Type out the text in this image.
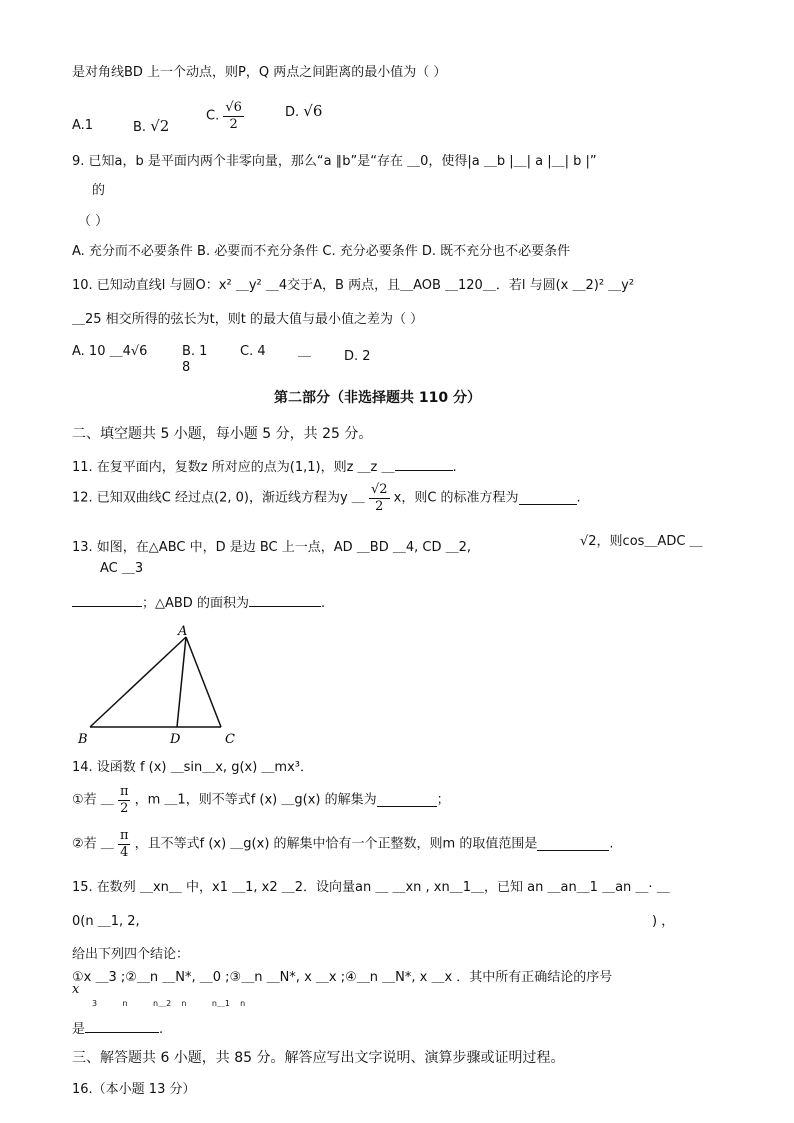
是对角线BD 上一个动点，则P，Q 两点之间距离的最小值为（ ）
A.1	B. √2
C. $\frac{√6}{2}$	D. √6
9. 已知a，b 是平面内两个非零向量，那么“a ∥b”是“存在 ＿0，使得|a ＿b |＿| a |＿| b |”
的
（ ）
A. 充分而不必要条件 B. 必要而不充分条件 C. 充分必要条件 D. 既不充分也不必要条件
10. 已知动直线l 与圆O：x² ＿y² ＿4交于A，B 两点，且＿AOB ＿120＿．若l 与圆(x ＿2)² ＿y²
＿25 相交所得的弦长为t，则t 的最大值与最小值之差为（ ）
A. 10 ＿4√6	B. 1
8
C. 4 ＿	D. 2
第二部分（非选择题共 110 分）
二、填空题共 5 小题，每小题 5 分，共 25 分。
11. 在复平面内，复数z 所对应的点为(1,1)，则z ＿z ＿	.
12. 已知双曲线C 经过点(2, 0)，渐近线方程为y ＿ $\frac{√2}{2}$ x，则C 的标准方程为	.
13. 如图，在△ABC 中，D 是边 BC 上一点，AD ＿BD ＿4, CD ＿2,	√2，则cos＿ADC ＿
AC ＿3
；△ABD 的面积为	.
A
B	D	C
14. 设函数 f (x) ＿sin＿x, g(x) ＿mx³．
①若 ＿ $\frac{\pi}{2}$ ，m ＿1，则不等式f (x) ＿g(x) 的解集为	；
②若 ＿ $\frac{\pi}{4}$ ，且不等式f (x) ＿g(x) 的解集中恰有一个正整数，则m 的取值范围是	.
15. 在数列 ＿xn＿ 中，x1 ＿1, x2 ＿2．设向量an ＿ ＿xn , xn＿1＿，已知 an ＿an＿1 ＿an ＿· ＿
0(n ＿1, 2,	) ，
给出下列四个结论：
①x ＿3 ;②＿n ＿N*, ＿0 ;③＿n ＿N*, x ＿x ;④＿n ＿N*, x ＿x ．其中所有正确结论的序号
x
3          n          n＿2    n          n＿1    n
是	.
三、解答题共 6 小题，共 85 分。解答应写出文字说明、演算步骤或证明过程。
16.（本小题 13 分）
